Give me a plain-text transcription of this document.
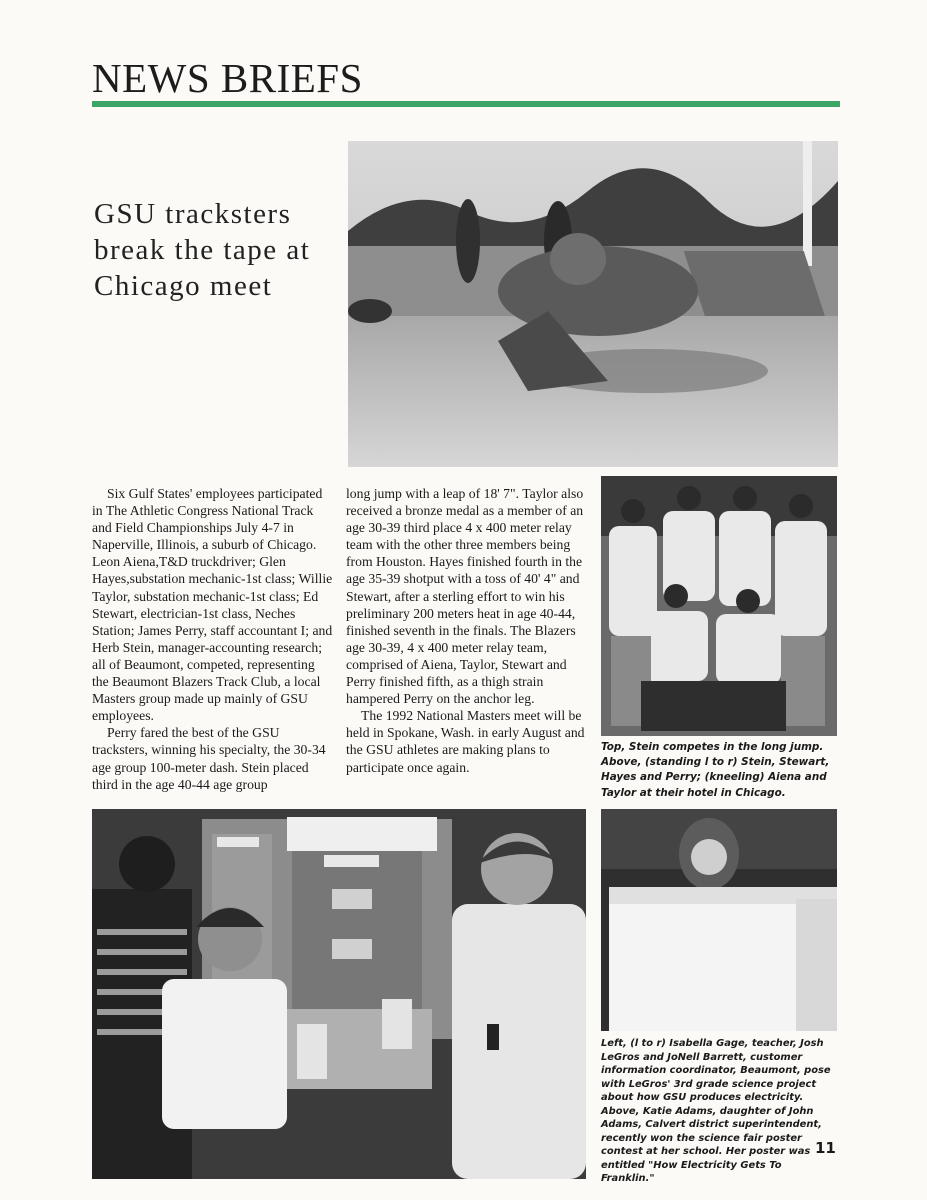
NEWS BRIEFS
GSU tracksters break the tape at Chicago meet

Six Gulf States' employees participated in The Athletic Congress National Track and Field Championships July 4-7 in Naperville, Illinois, a suburb of Chicago. Leon Aiena,T&D truckdriver; Glen Hayes,substation mechanic-1st class; Willie Taylor, substation mechanic-1st class; Ed Stewart, electrician-1st class, Neches Station; James Perry, staff accountant I; and Herb Stein, manager-accounting research; all of Beaumont, competed, representing the Beaumont Blazers Track Club, a local Masters group made up mainly of GSU employees.

Perry fared the best of the GSU tracksters, winning his specialty, the 30-34 age group 100-meter dash. Stein placed third in the age 40-44 age group

long jump with a leap of 18' 7". Taylor also received a bronze medal as a member of an age 30-39 third place 4 x 400 meter relay team with the other three members being from Houston. Hayes finished fourth in the age 35-39 shotput with a toss of 40' 4" and Stewart, after a sterling effort to win his preliminary 200 meters heat in age 40-44, finished seventh in the finals. The Blazers age 30-39, 4 x 400 meter relay team, comprised of Aiena, Taylor, Stewart and Perry finished fifth, as a thigh strain hampered Perry on the anchor leg.

The 1992 National Masters meet will be held in Spokane, Wash. in early August and the GSU athletes are making plans to participate once again.

Top, Stein competes in the long jump. Above, (standing l to r) Stein, Stewart, Hayes and Perry; (kneeling) Aiena and Taylor at their hotel in Chicago.
Left, (l to r) Isabella Gage, teacher, Josh LeGros and JoNell Barrett, customer information coordinator, Beaumont, pose with LeGros' 3rd grade science project about how GSU produces electricity. Above, Katie Adams, daughter of John Adams, Calvert district superintendent, recently won the science fair poster contest at her school. Her poster was entitled "How Electricity Gets To Franklin."
11
